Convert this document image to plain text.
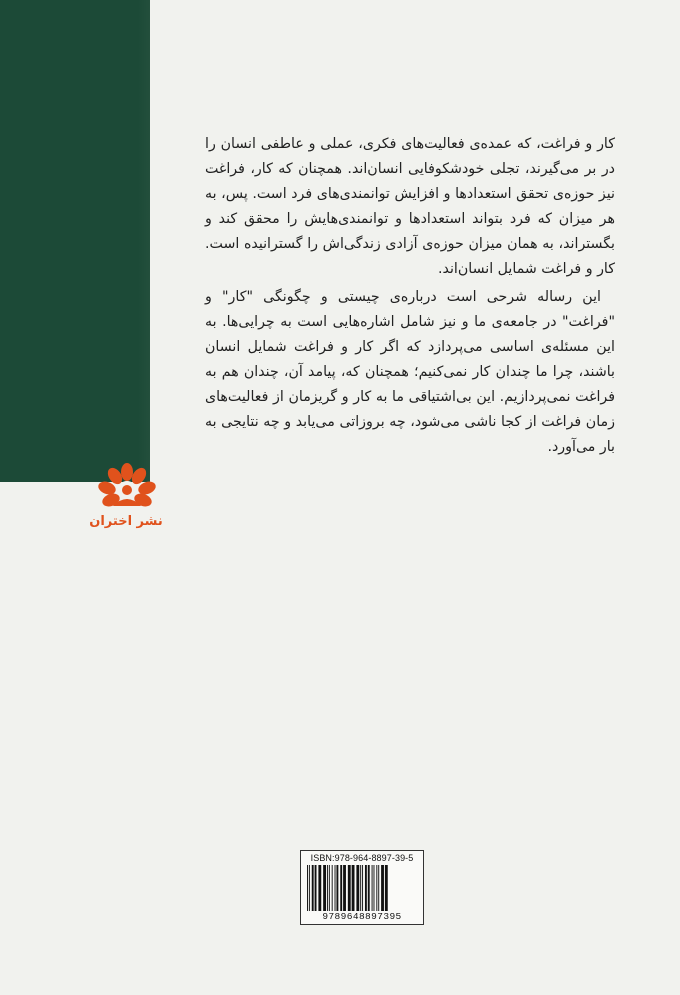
نشر اختران

کار و فراغت، که عمده‌ی فعالیت‌های فکری، عملی و عاطفی انسان را در بر می‌گیرند، تجلی خودشکوفایی انسان‌اند. همچنان که کار، فراغت نیز حوزه‌ی تحقق استعدادها و افزایش توانمندی‌های فرد است. پس، به هر میزان که فرد بتواند استعدادها و توانمندی‌هایش را محقق کند و بگستراند، به همان میزان حوزه‌ی آزادی زندگی‌اش را گسترانیده است. کار و فراغت شمایل انسان‌اند.

این رساله شرحی است درباره‌ی چیستی و چگونگی "کار" و "فراغت" در جامعه‌ی ما و نیز شامل اشاره‌هایی است به چرایی‌ها. به این مسئله‌ی اساسی می‌پردازد که اگر کار و فراغت شمایل انسان باشند، چرا ما چندان کار نمی‌کنیم؛ همچنان که، پیامد آن، چندان هم به فراغت نمی‌پردازیم. این بی‌اشتیاقی ما به کار و گریزمان از فعالیت‌های زمان فراغت از کجا ناشی می‌شود، چه بروزاتی می‌یابد و چه نتایجی به بار می‌آورد.

ISBN:978-964-8897-39-5
9789648897395
